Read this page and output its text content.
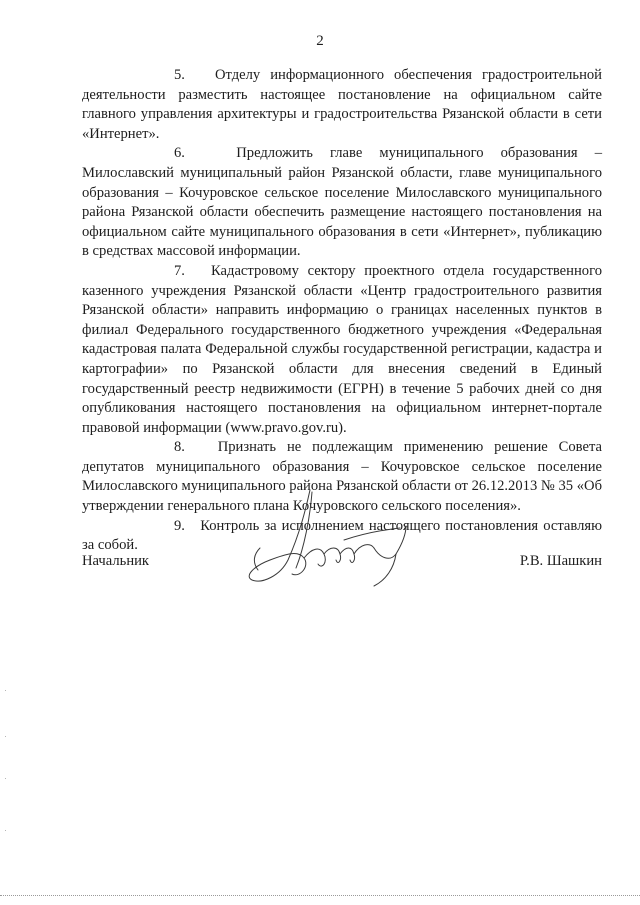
2

5. Отделу информационного обеспечения градостроительной деятельности разместить настоящее постановление на официальном сайте главного управления архитектуры и градостроительства Рязанской области в сети «Интернет».

6.	Предложить главе муниципального образования – Милославский муниципальный район Рязанской области, главе муниципального образования – Кочуровское сельское поселение Милославского муниципального района Рязанской области обеспечить размещение настоящего постановления на официальном сайте муниципального образования в сети «Интернет», публикацию в средствах массовой информации.

7. Кадастровому сектору проектного отдела государственного казенного учреждения Рязанской области «Центр градостроительного развития Рязанской области» направить информацию о границах населенных пунктов в филиал Федерального государственного бюджетного учреждения «Федеральная кадастровая палата Федеральной службы государственной регистрации, кадастра и картографии» по Рязанской области для внесения сведений в Единый государственный реестр недвижимости (ЕГРН) в течение 5 рабочих дней со дня опубликования настоящего постановления на официальном интернет-портале правовой информации (www.pravo.gov.ru).

8. Признать не подлежащим применению решение Совета депутатов муниципального образования – Кочуровское сельское поселение Милославского муниципального района Рязанской области от 26.12.2013 № 35 «Об утверждении генерального плана Кочуровского сельского поселения».

9. Контроль за исполнением настоящего постановления оставляю за собой.

Начальник	Р.В. Шашкин
